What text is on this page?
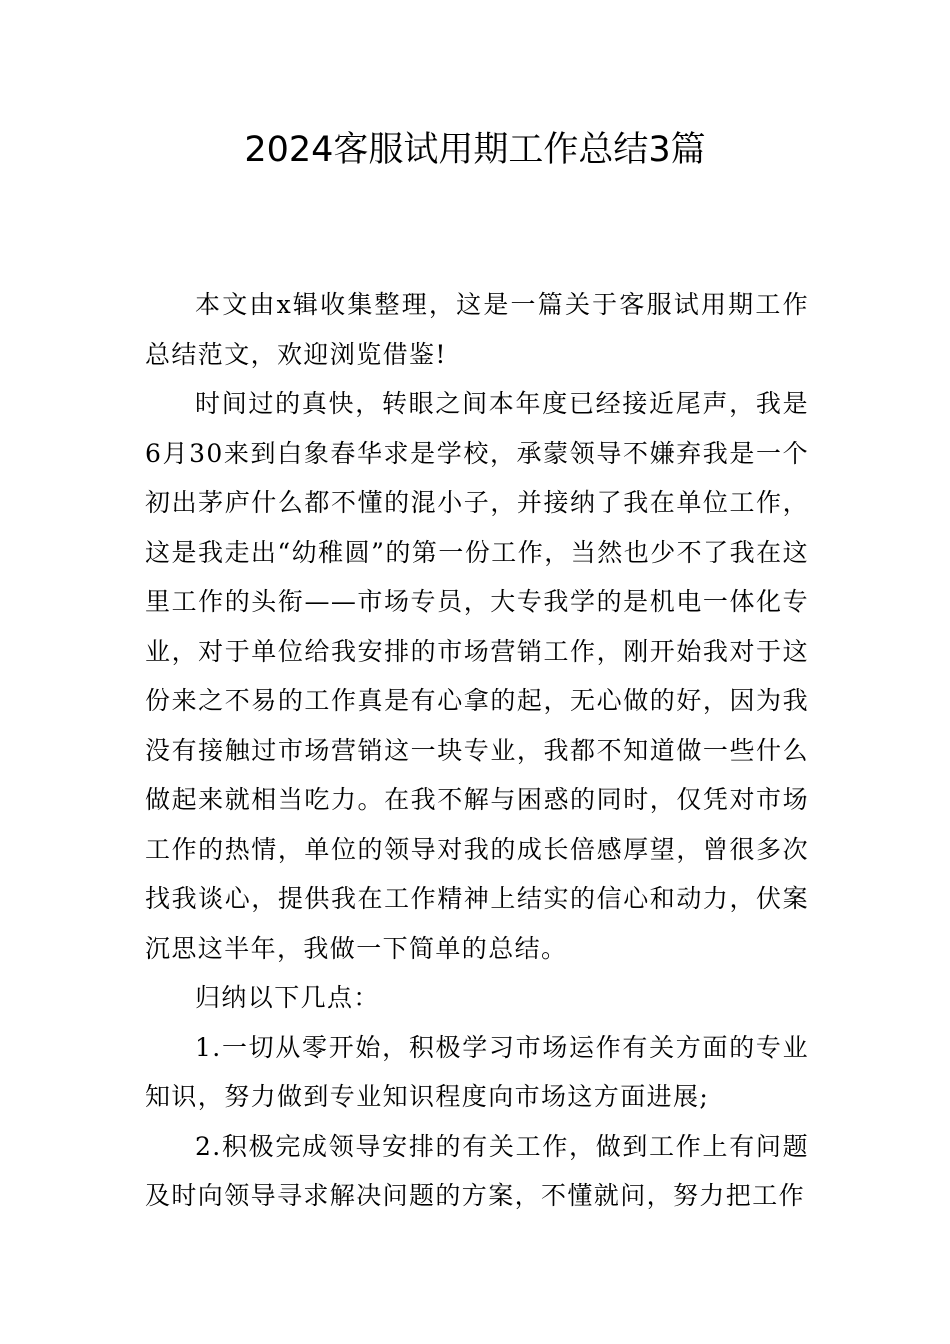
2024客服试用期工作总结3篇

本文由x辑收集整理，这是一篇关于客服试用期工作总结范文，欢迎浏览借鉴!

时间过的真快，转眼之间本年度已经接近尾声，我是6月30来到白象春华求是学校，承蒙领导不嫌弃我是一个初出茅庐什么都不懂的混小子，并接纳了我在单位工作，这是我走出“幼稚圆”的第一份工作，当然也少不了我在这里工作的头衔——市场专员，大专我学的是机电一体化专业，对于单位给我安排的市场营销工作，刚开始我对于这份来之不易的工作真是有心拿的起，无心做的好，因为我没有接触过市场营销这一块专业，我都不知道做一些什么做起来就相当吃力。在我不解与困惑的同时，仅凭对市场工作的热情，单位的领导对我的成长倍感厚望，曾很多次找我谈心，提供我在工作精神上结实的信心和动力，伏案沉思这半年，我做一下简单的总结。

归纳以下几点：

1.一切从零开始，积极学习市场运作有关方面的专业知识，努力做到专业知识程度向市场这方面进展;

2.积极完成领导安排的有关工作，做到工作上有问题及时向领导寻求解决问题的方案，不懂就问，努力把工作
